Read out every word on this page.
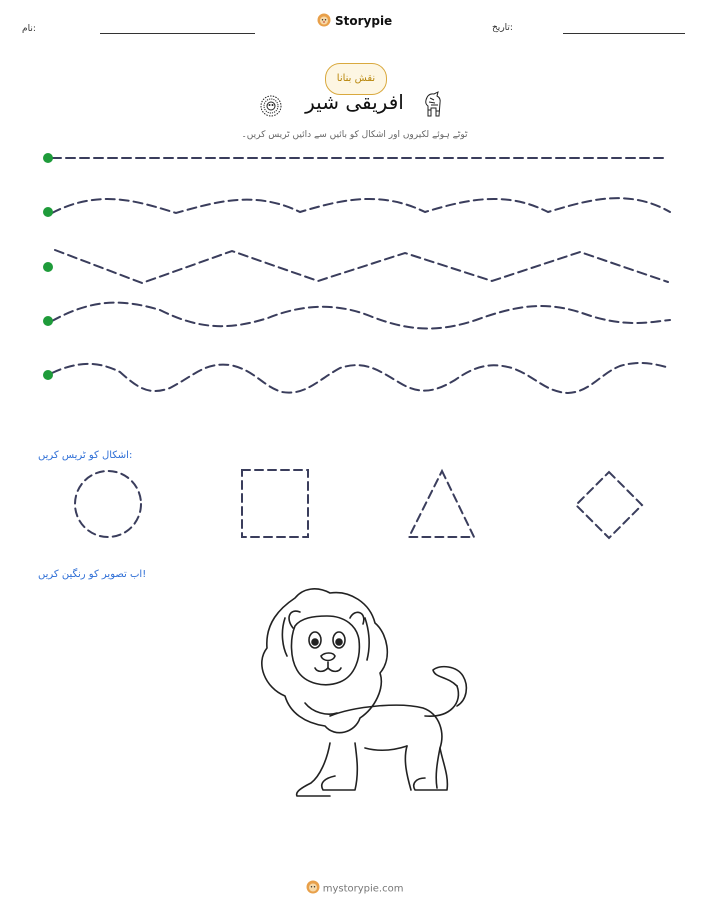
نام:
Storypie	تاریخ:
نقش بنانا
افریقی شیر
ٹوٹے ہوئے لکیروں اور اشکال کو بائیں سے دائیں ٹریس کریں۔
اشکال کو ٹریس کریں:
اب تصویر کو رنگین کریں!
mystorypie.com
